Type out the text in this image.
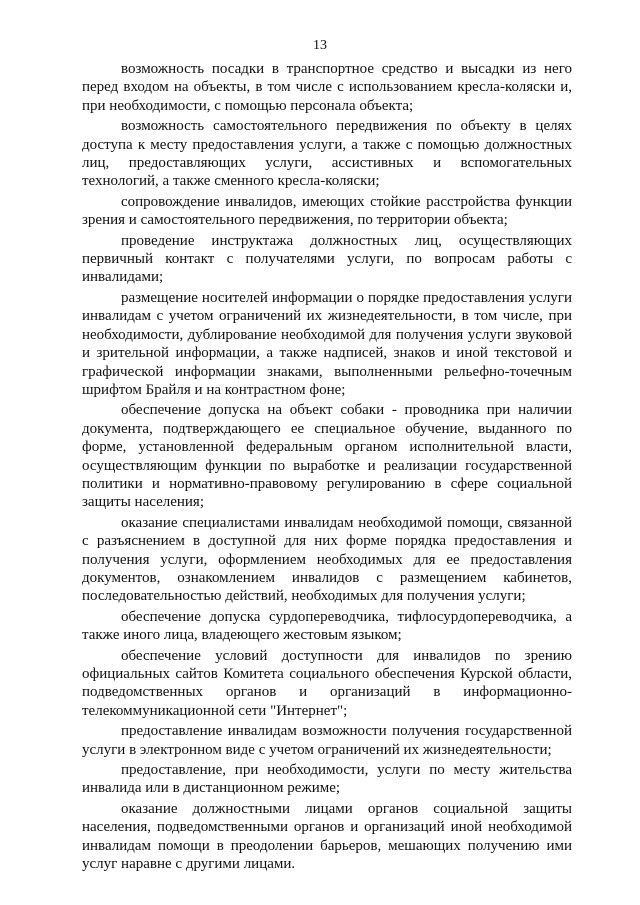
13

возможность посадки в транспортное средство и высадки из него перед входом на объекты, в том числе с использованием кресла-коляски и, при необходимости, с помощью персонала объекта;

возможность самостоятельного передвижения по объекту в целях доступа к месту предоставления услуги, а также с помощью должностных лиц, предоставляющих услуги, ассистивных и вспомогательных технологий, а также сменного кресла-коляски;

сопровождение инвалидов, имеющих стойкие расстройства функции зрения и самостоятельного передвижения, по территории объекта;

проведение инструктажа должностных лиц, осуществляющих первичный контакт с получателями услуги, по вопросам работы с инвалидами;

размещение носителей информации о порядке предоставления услуги инвалидам с учетом ограничений их жизнедеятельности, в том числе, при необходимости, дублирование необходимой для получения услуги звуковой и зрительной информации, а также надписей, знаков и иной текстовой и графической информации знаками, выполненными рельефно-точечным шрифтом Брайля и на контрастном фоне;

обеспечение допуска на объект собаки - проводника при наличии документа, подтверждающего ее специальное обучение, выданного по форме, установленной федеральным органом исполнительной власти, осуществляющим функции по выработке и реализации государственной политики и нормативно-правовому регулированию в сфере социальной защиты населения;

оказание специалистами инвалидам необходимой помощи, связанной с разъяснением в доступной для них форме порядка предоставления и получения услуги, оформлением необходимых для ее предоставления документов, ознакомлением инвалидов с размещением кабинетов, последовательностью действий, необходимых для получения услуги;

обеспечение допуска сурдопереводчика, тифлосурдопереводчика, а также иного лица, владеющего жестовым языком;

обеспечение условий доступности для инвалидов по зрению официальных сайтов Комитета социального обеспечения Курской области, подведомственных органов и организаций в информационно-телекоммуникационной сети "Интернет";

предоставление инвалидам возможности получения государственной услуги в электронном виде с учетом ограничений их жизнедеятельности;

предоставление, при необходимости, услуги по месту жительства инвалида или в дистанционном режиме;

оказание должностными лицами органов социальной защиты населения, подведомственными органов и организаций иной необходимой инвалидам помощи в преодолении барьеров, мешающих получению ими услуг наравне с другими лицами.
